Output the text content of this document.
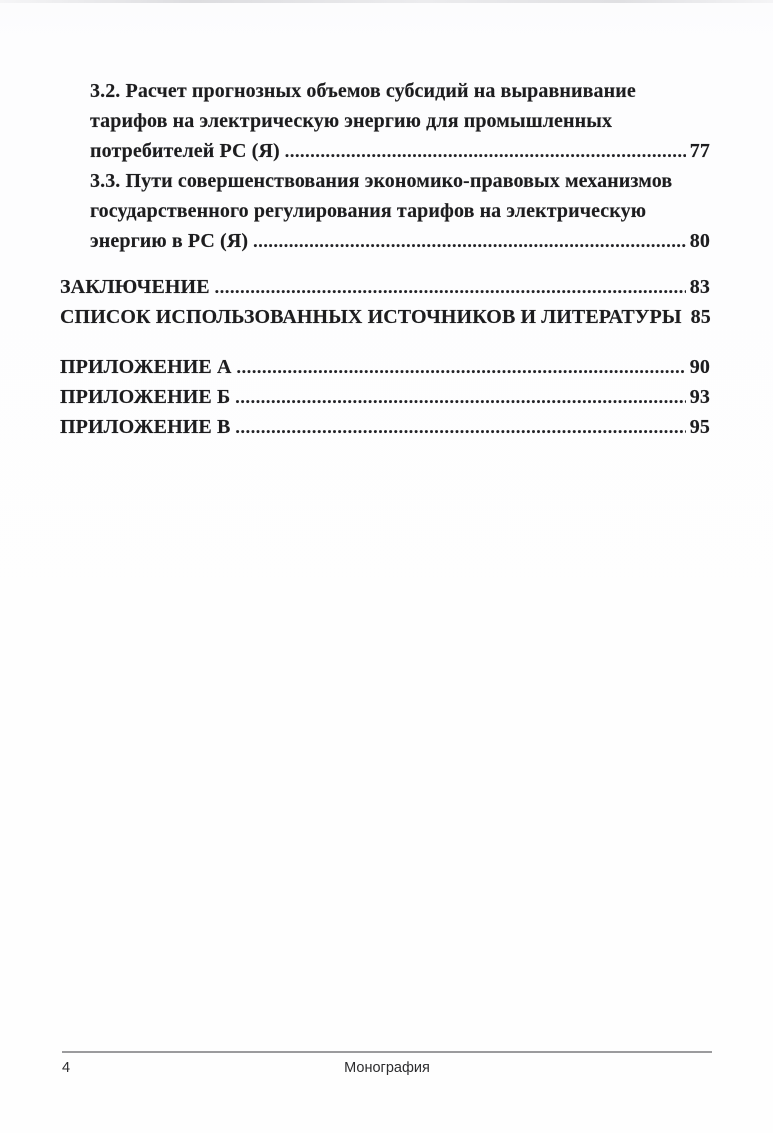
3.2. Расчет прогнозных объемов субсидий на выравнивание
тарифов на электрическую энергию для промышленных
потребителей РС (Я) .....	77
3.3. Пути совершенствования экономико-правовых механизмов
государственного регулирования тарифов на электрическую
энергию в РС (Я) .....	80
ЗАКЛЮЧЕНИЕ .....	83
СПИСОК ИСПОЛЬЗОВАННЫХ ИСТОЧНИКОВ И ЛИТЕРАТУРЫ 85
ПРИЛОЖЕНИЕ А .....	90
ПРИЛОЖЕНИЕ Б .....	93
ПРИЛОЖЕНИЕ В .....	95
4	Монография
